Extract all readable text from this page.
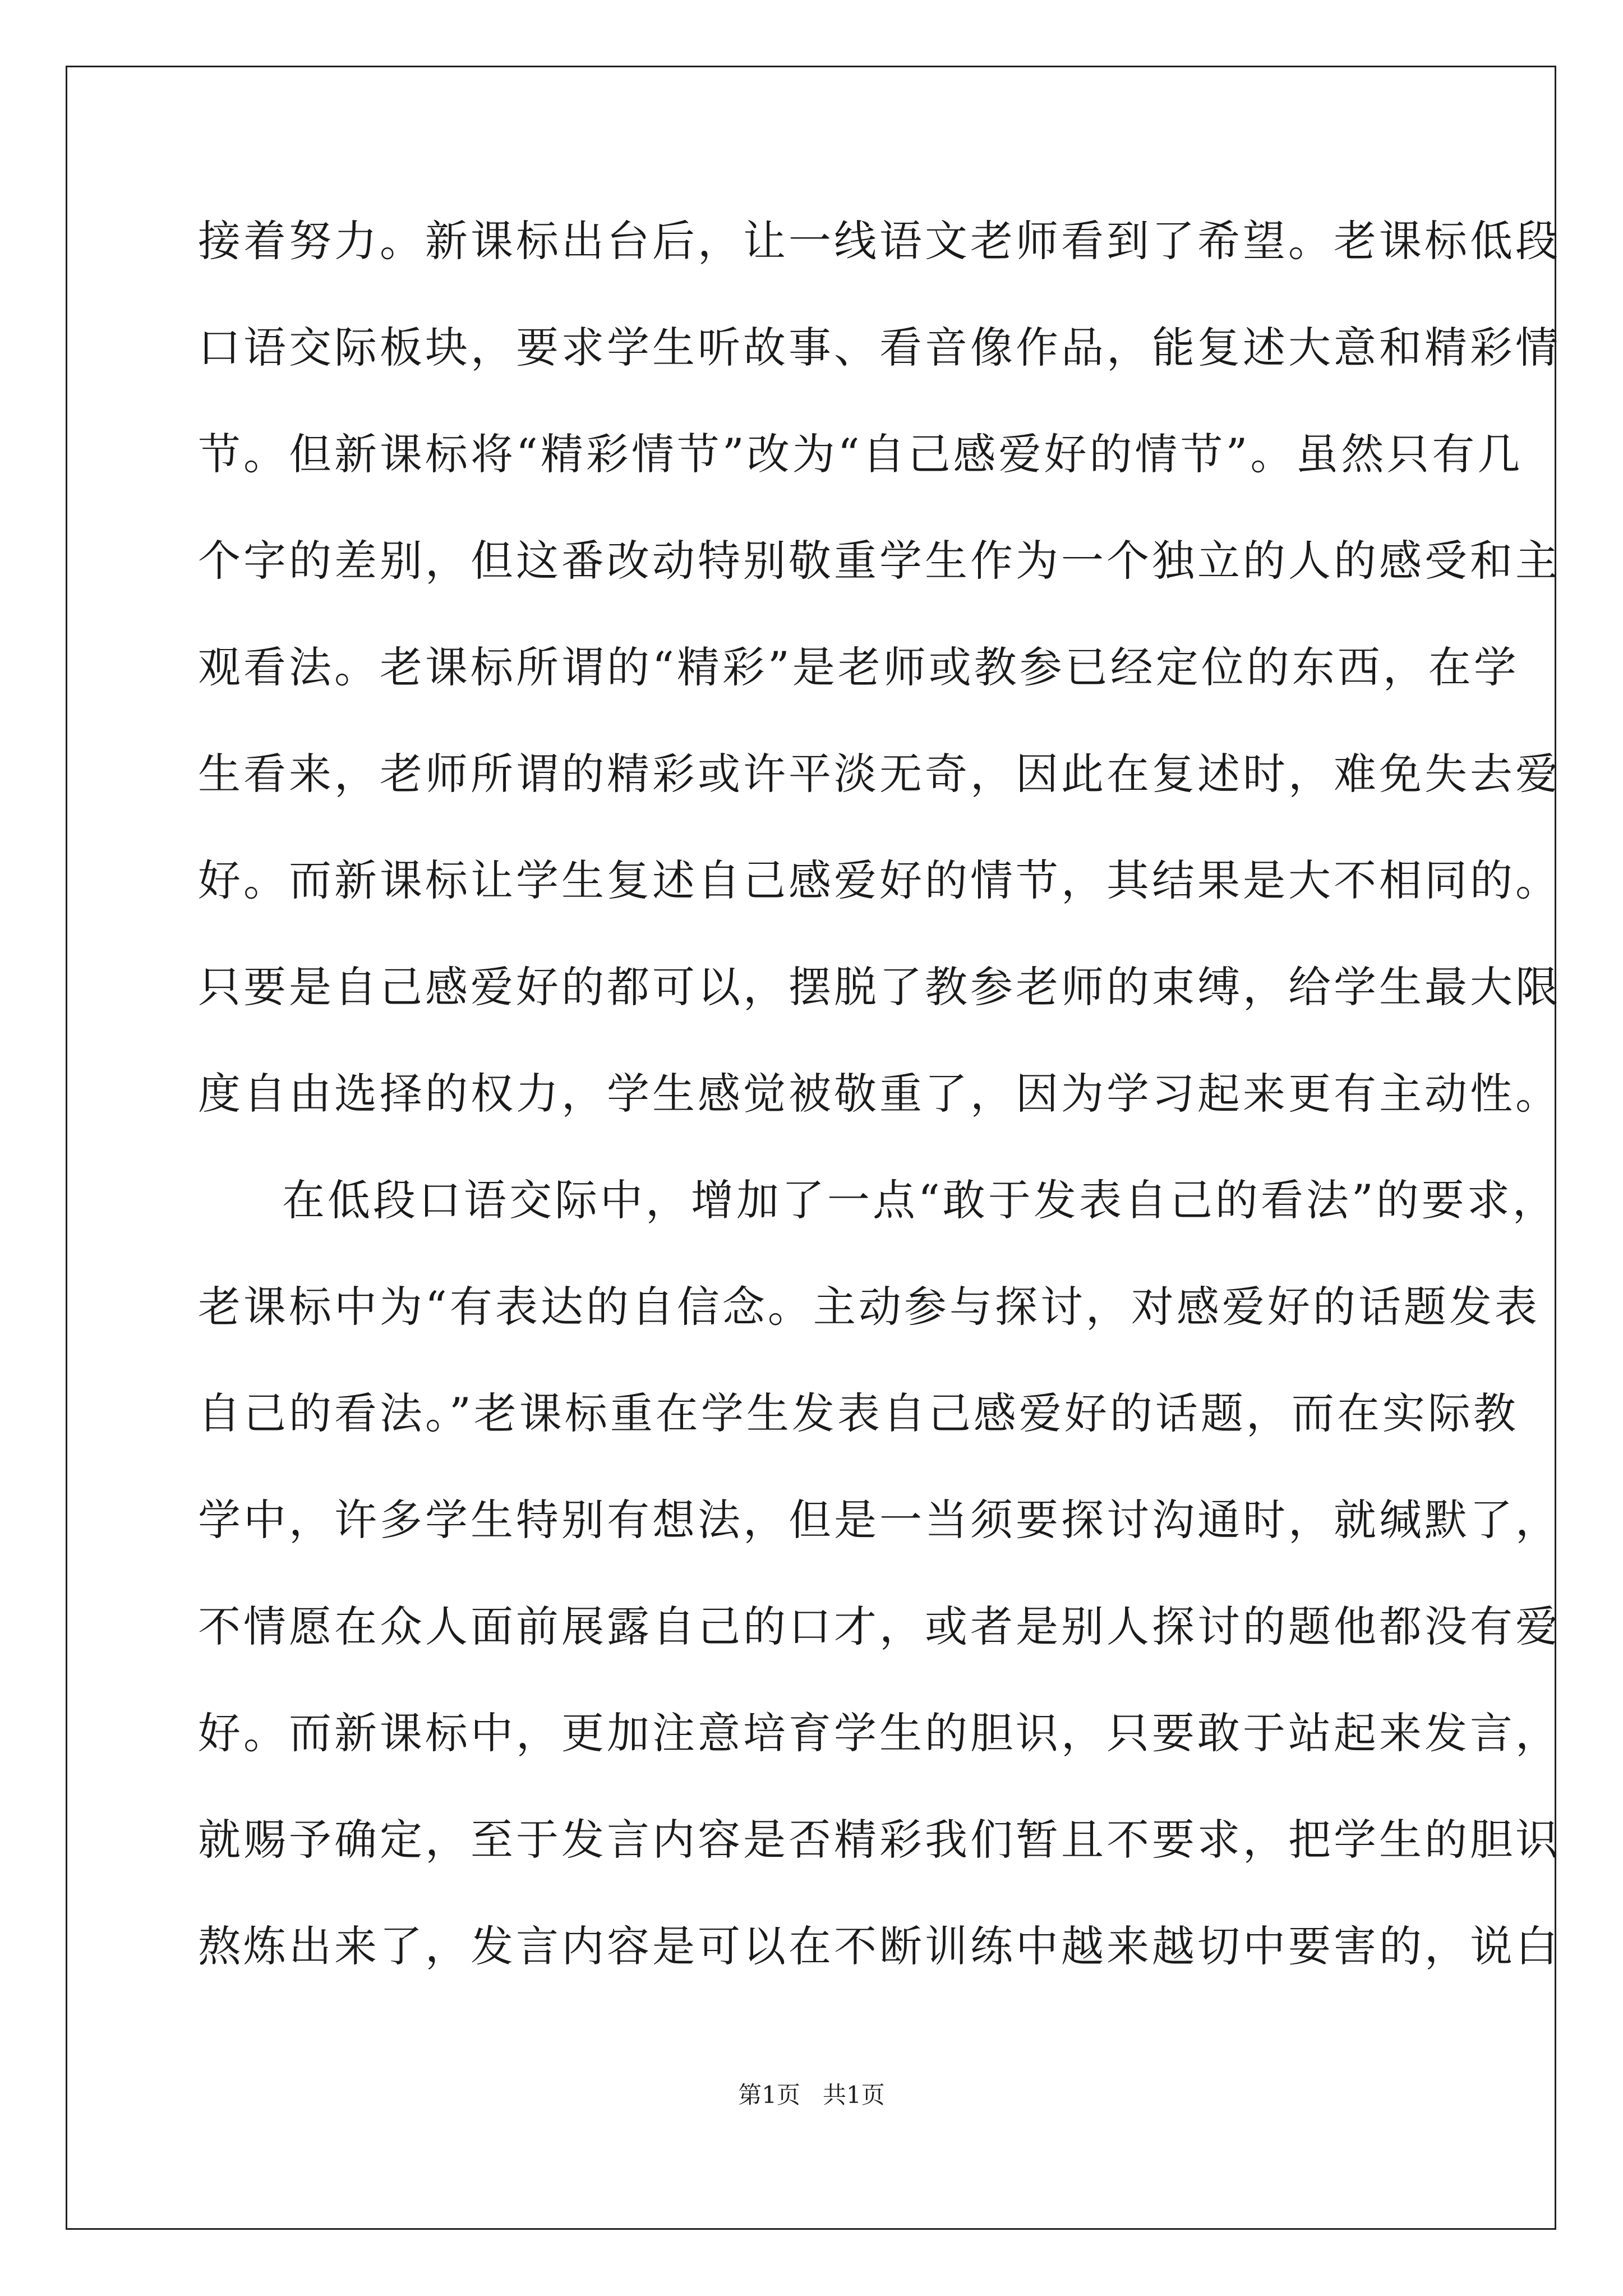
接着努力。新课标出台后，让一线语文老师看到了希望。老课标低段
口语交际板块，要求学生听故事、看音像作品，能复述大意和精彩情
节。但新课标将“精彩情节”改为“自己感爱好的情节”。虽然只有几
个字的差别，但这番改动特别敬重学生作为一个独立的人的感受和主
观看法。老课标所谓的“精彩”是老师或教参已经定位的东西，在学
生看来，老师所谓的精彩或许平淡无奇，因此在复述时，难免失去爱
好。而新课标让学生复述自己感爱好的情节，其结果是大不相同的。
只要是自己感爱好的都可以，摆脱了教参老师的束缚，给学生最大限
度自由选择的权力，学生感觉被敬重了，因为学习起来更有主动性。
在低段口语交际中，增加了一点“敢于发表自己的看法”的要求，
老课标中为“有表达的自信念。主动参与探讨，对感爱好的话题发表
自己的看法。”老课标重在学生发表自己感爱好的话题，而在实际教
学中，许多学生特别有想法，但是一当须要探讨沟通时，就缄默了，
不情愿在众人面前展露自己的口才，或者是别人探讨的题他都没有爱
好。而新课标中，更加注意培育学生的胆识，只要敢于站起来发言，
就赐予确定，至于发言内容是否精彩我们暂且不要求，把学生的胆识
熬炼出来了，发言内容是可以在不断训练中越来越切中要害的，说白
第1页   共1页
